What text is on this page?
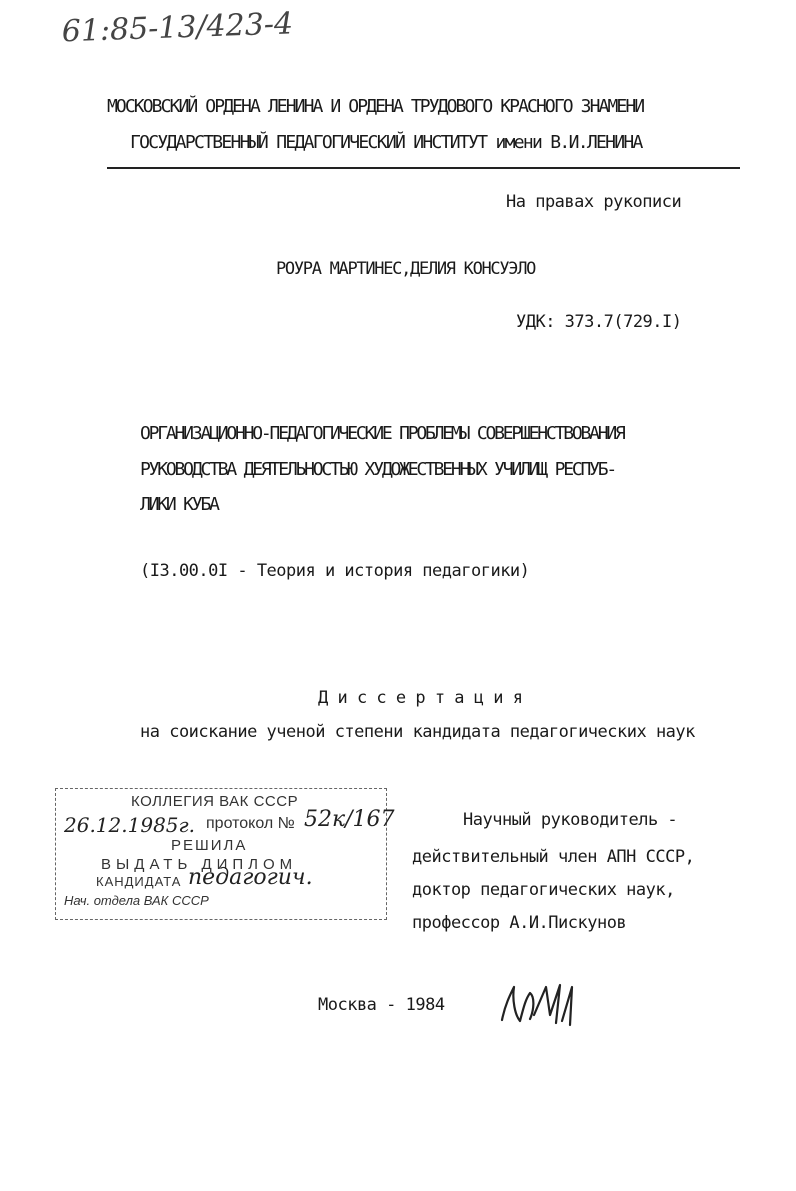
61:85-13/423-4
МОСКОВСКИЙ ОРДЕНА ЛЕНИНА И ОРДЕНА ТРУДОВОГО КРАСНОГО ЗНАМЕНИ
ГОСУДАРСТВЕННЫЙ ПЕДАГОГИЧЕСКИЙ ИНСТИТУТ имени В.И.ЛЕНИНА
На правах рукописи
РОУРА МАРТИНЕС,ДЕЛИЯ КОНСУЭЛО
УДК: 373.7(729.I)
ОРГАНИЗАЦИОННО-ПЕДАГОГИЧЕСКИЕ ПРОБЛЕМЫ СОВЕРШЕНСТВОВАНИЯ
РУКОВОДСТВА ДЕЯТЕЛЬНОСТЬЮ ХУДОЖЕСТВЕННЫХ УЧИЛИЩ РЕСПУБ-
ЛИКИ КУБА
(I3.00.0I - Теория и история педагогики)
Д и с с е р т а ц и я
на соискание ученой степени кандидата педагогических наук
КОЛЛЕГИЯ ВАК СССР
26.12.1985г. протокол № 52к/167
РЕШИЛА
ВЫДАТЬ ДИПЛОМ
КАНДИДАТА педагогич.
Нач. отдела ВАК СССР
Научный руководитель -
действительный член АПН СССР,
доктор педагогических наук,
профессор А.И.Пискунов
Москва - 1984
